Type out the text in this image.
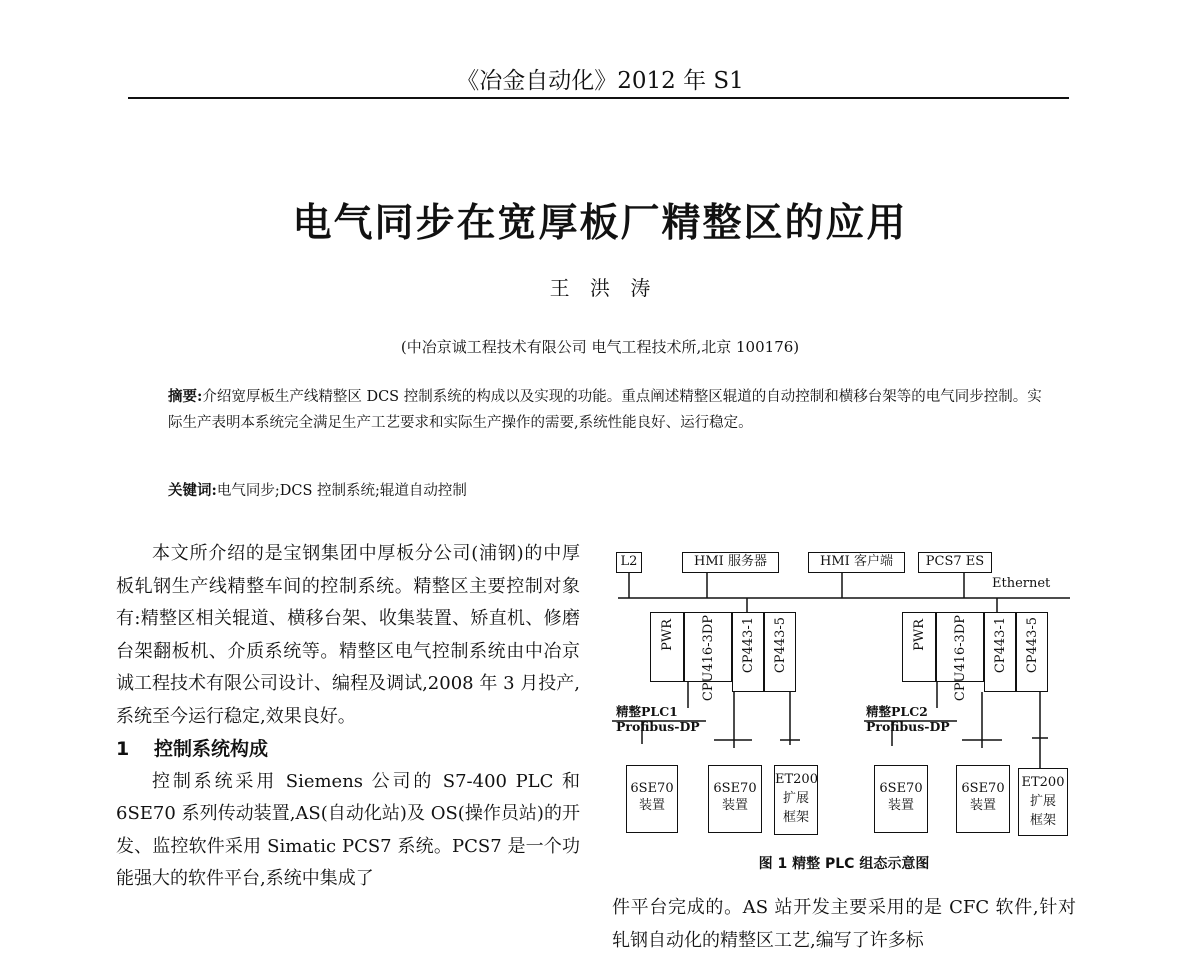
《冶金自动化》2012 年 S1
电气同步在宽厚板厂精整区的应用
王 洪 涛
(中冶京诚工程技术有限公司 电气工程技术所,北京 100176)
摘要:介绍宽厚板生产线精整区 DCS 控制系统的构成以及实现的功能。重点阐述精整区辊道的自动控制和横移台架等的电气同步控制。实际生产表明本系统完全满足生产工艺要求和实际生产操作的需要,系统性能良好、运行稳定。
关键词:电气同步;DCS 控制系统;辊道自动控制

本文所介绍的是宝钢集团中厚板分公司(浦钢)的中厚板轧钢生产线精整车间的控制系统。精整区主要控制对象有:精整区相关辊道、横移台架、收集装置、矫直机、修磨台架翻板机、介质系统等。精整区电气控制系统由中冶京诚工程技术有限公司设计、编程及调试,2008 年 3 月投产,系统至今运行稳定,效果良好。

1 控制系统构成

控制系统采用 Siemens 公司的 S7-400 PLC 和 6SE70 系列传动装置,AS(自动化站)及 OS(操作员站)的开发、监控软件采用 Simatic PCS7 系统。PCS7 是一个功能强大的软件平台,系统中集成了

L2	HMI 服务器	HMI 客户端	PCS7 ES
Ethernet
PWR	CPU416-3DP	CP443-1	CP443-5
精整PLC1
Profibus-DP
PWR	CPU416-3DP	CP443-1	CP443-5
精整PLC2
Profibus-DP
6SE70
装置
6SE70
装置
ET200
扩展
框架
6SE70
装置
6SE70
装置
ET200
扩展
框架
图 1 精整 PLC 组态示意图
件平台完成的。AS 站开发主要采用的是 CFC 软件,针对轧钢自动化的精整区工艺,编写了许多标
